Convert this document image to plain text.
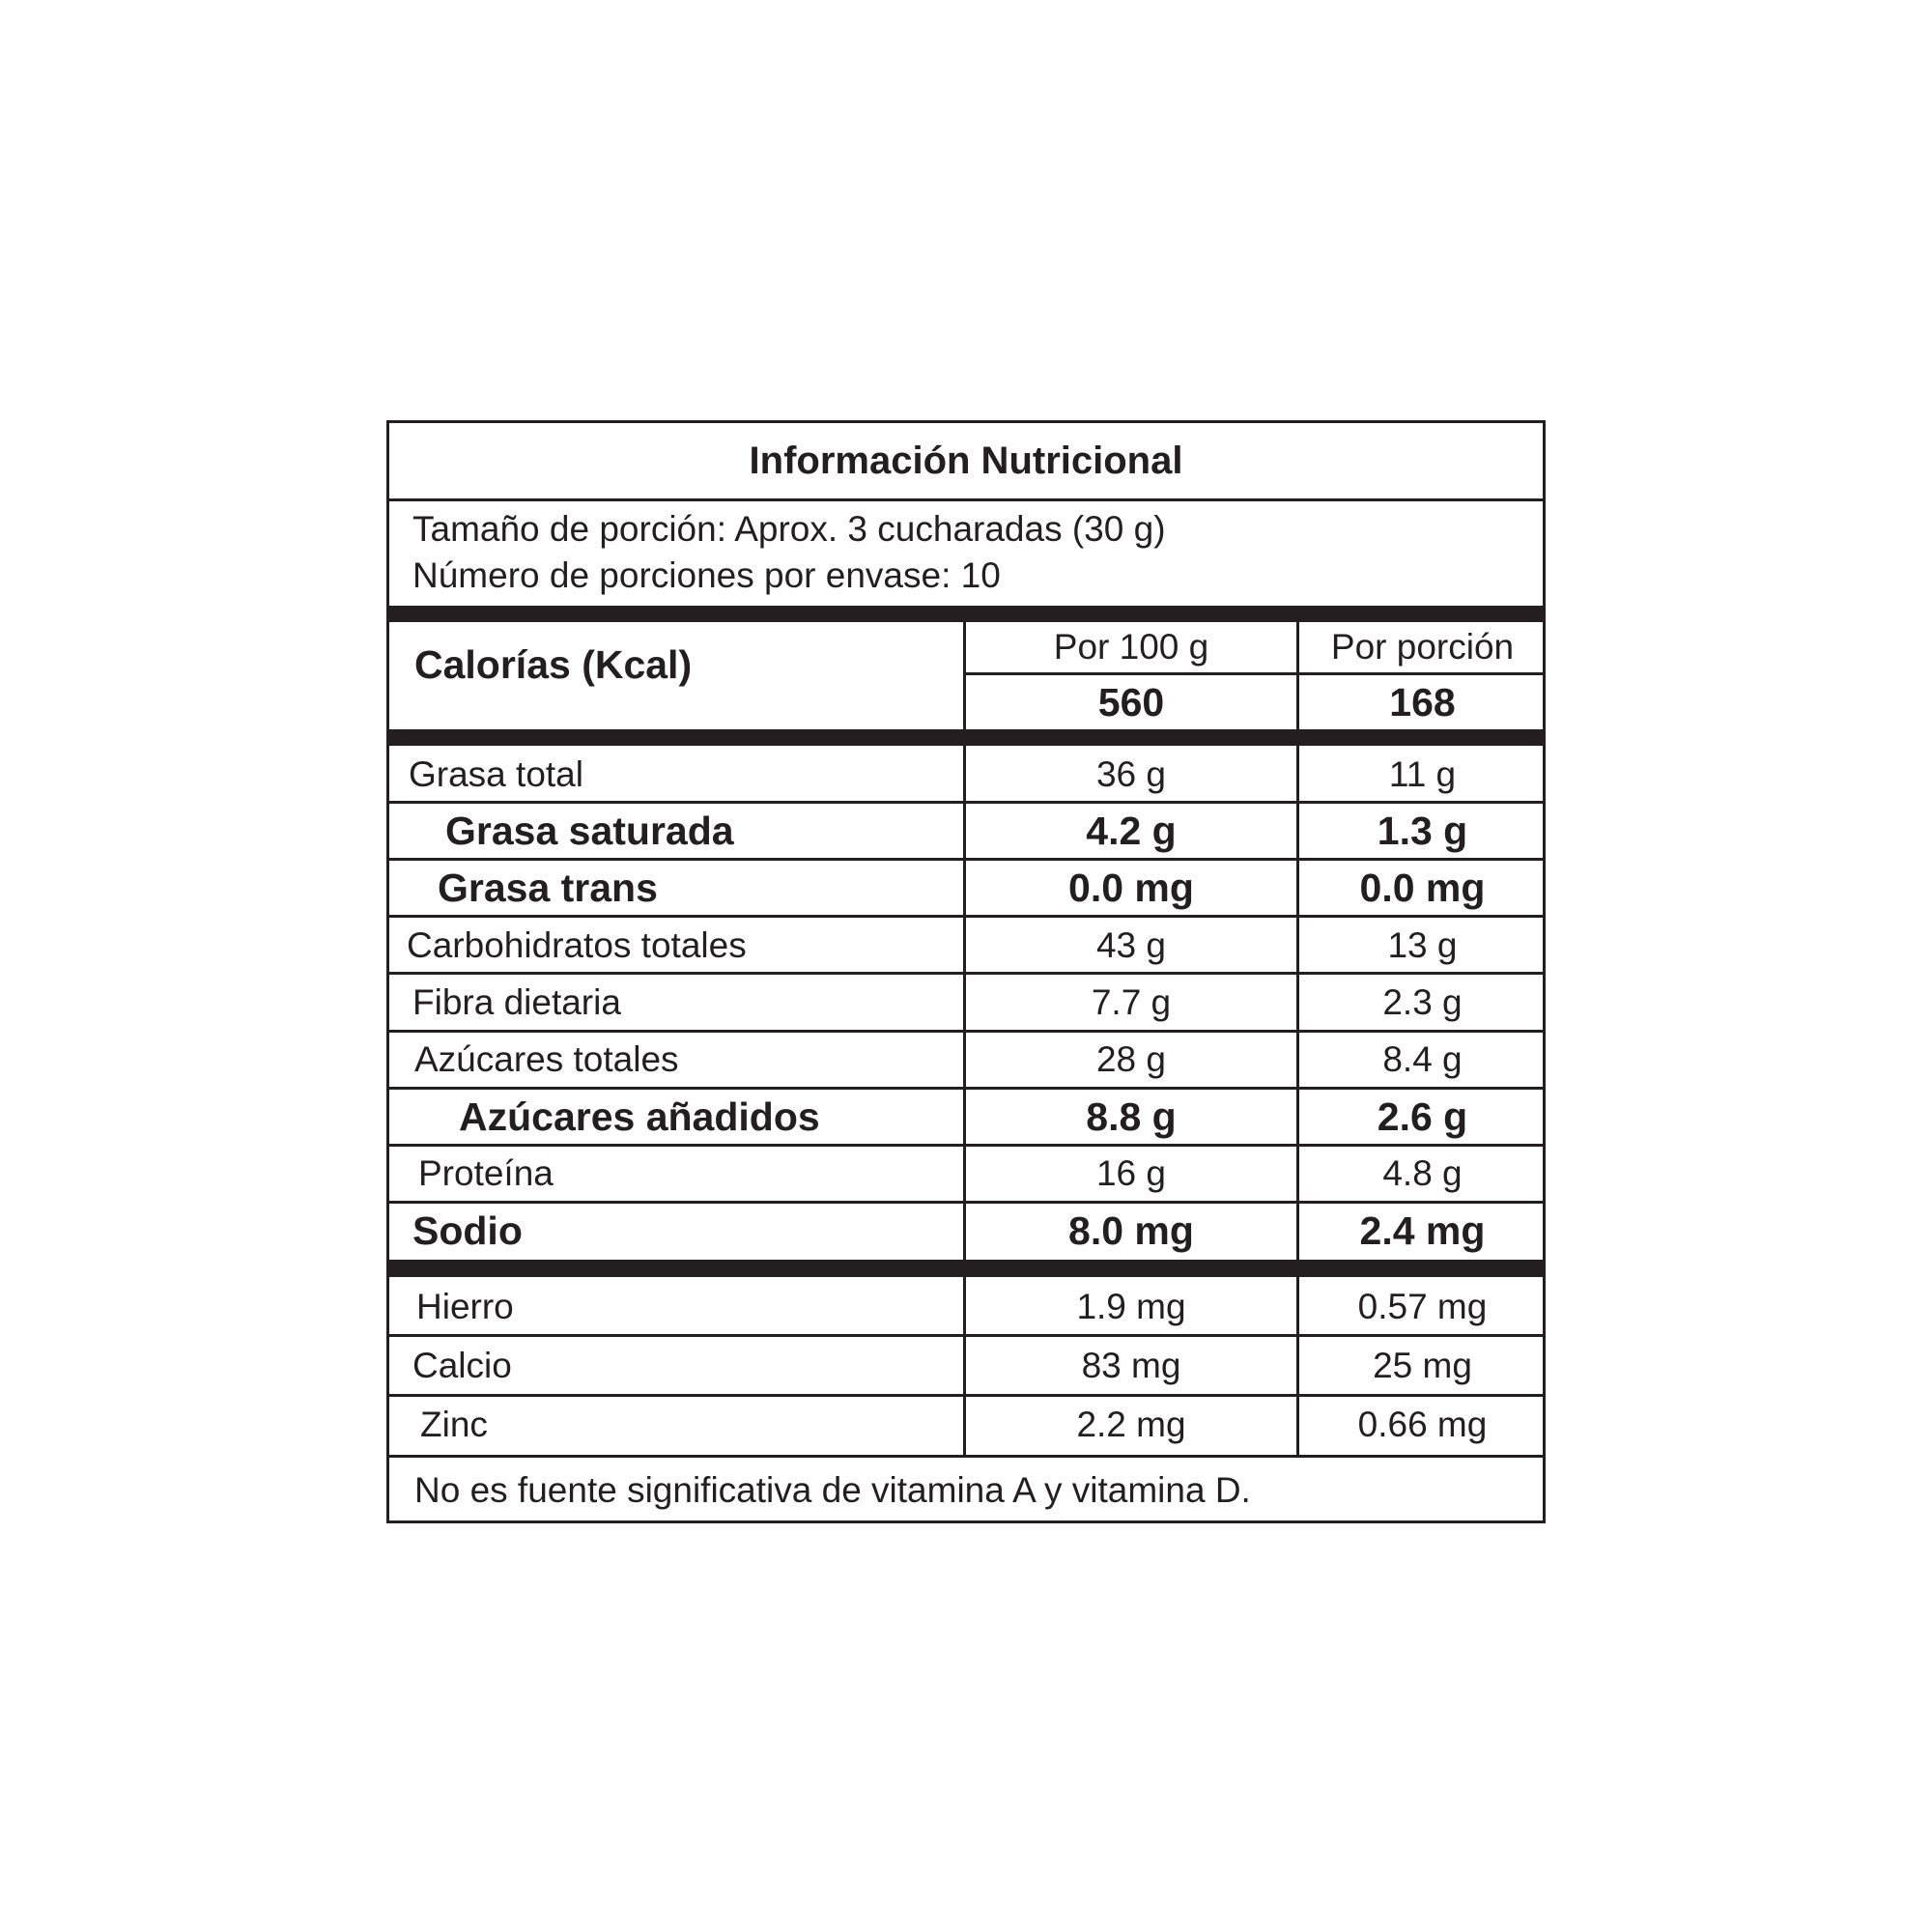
Información Nutricional
Tamaño de porción: Aprox. 3 cucharadas (30 g)
Número de porciones por envase: 10
Calorías (Kcal)	Por 100 g	Por porción
560	168
Grasa total	36 g	11 g
Grasa saturada	4.2 g	1.3 g
Grasa trans	0.0 mg	0.0 mg
Carbohidratos totales	43 g	13 g
Fibra dietaria	7.7 g	2.3 g
Azúcares totales	28 g	8.4 g
Azúcares añadidos	8.8 g	2.6 g
Proteína	16 g	4.8 g
Sodio	8.0 mg	2.4 mg
Hierro	1.9 mg	0.57 mg
Calcio	83 mg	25 mg
Zinc	2.2 mg	0.66 mg
No es fuente significativa de vitamina A y vitamina D.
